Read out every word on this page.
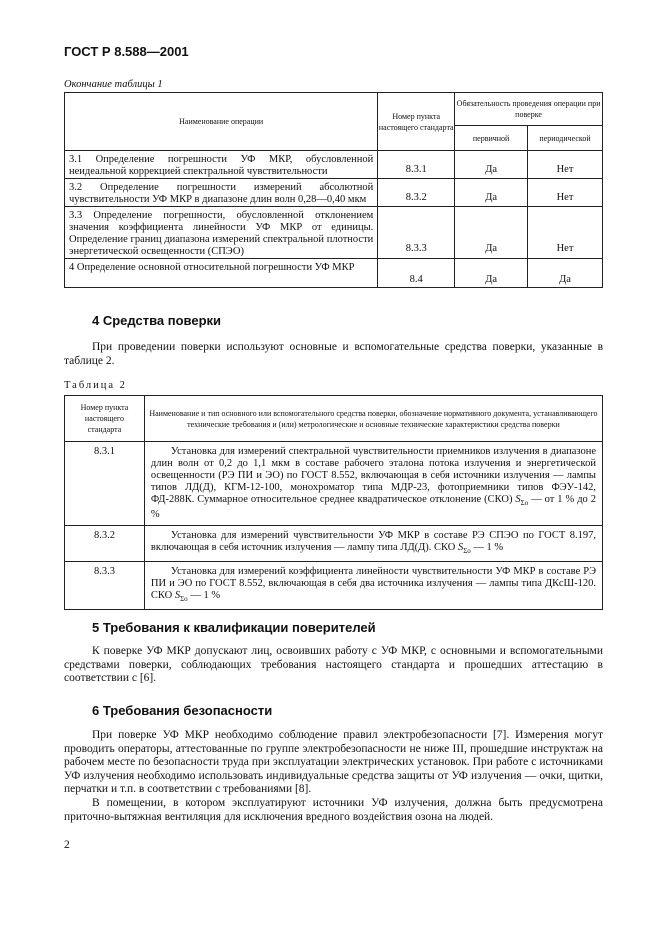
ГОСТ Р 8.588—2001
Окончание таблицы 1
Наименование операции	Номер пункта настоящего стандарта	Обязательность проведения операции при поверке	
		первичной	периодической
3.1 Определение погрешности УФ МКР, обусловленной неидеальной коррекцией спектральной чувствительности	8.3.1	Да	Нет
3.2 Определение погрешности измерений абсолютной чувствительности УФ МКР в диапазоне длин волн 0,28—0,40 мкм	8.3.2	Да	Нет
3.3 Определение погрешности, обусловленной отклонением значения коэффициента линейности УФ МКР от единицы. Определение границ диапазона измерений спектральной плотности энергетической освещенности (СПЭО)	8.3.3	Да	Нет
4 Определение основной относительной погрешности УФ МКР	8.4	Да	Да
4 Средства поверки

При проведении поверки используют основные и вспомогательные средства поверки, указанные в таблице 2.

Таблица 2
Номер пункта настоящего стандарта	Наименование и тип основного или вспомогательного средства поверки, обозначение нормативного документа, устанавливающего технические требования и (или) метрологические и основные технические характеристики средства поверки
8.3.1	Установка для измерений спектральной чувствительности приемников излучения в диапазоне длин волн от 0,2 до 1,1 мкм в составе рабочего эталона потока излучения и энергетической освещенности (РЭ ПИ и ЭО) по ГОСТ 8.552, включающая в себя источники излучения — лампы типов ЛД(Д), КГМ-12-100, монохроматор типа МДР-23, фотоприемники типов ФЭУ-142, ФД-288К. Суммарное относительное среднее квадратическое отклонение (СКО) $S_{\Sigma о}$ — от 1 % до 2 %
8.3.2	Установка для измерений чувствительности УФ МКР в составе РЭ СПЭО по ГОСТ 8.197, включающая в себя источник излучения — лампу типа ЛД(Д). СКО $S_{\Sigma о}$ — 1 %
8.3.3	Установка для измерений коэффициента линейности чувствительности УФ МКР в составе РЭ ПИ и ЭО по ГОСТ 8.552, включающая в себя два источника излучения — лампы типа ДКсШ-120. СКО $S_{\Sigma о}$ — 1 %
5 Требования к квалификации поверителей

К поверке УФ МКР допускают лиц, освоивших работу с УФ МКР, с основными и вспомогательными средствами поверки, соблюдающих требования настоящего стандарта и прошедших аттестацию в соответствии с [6].

6 Требования безопасности

При поверке УФ МКР необходимо соблюдение правил электробезопасности [7]. Измерения могут проводить операторы, аттестованные по группе электробезопасности не ниже III, прошедшие инструктаж на рабочем месте по безопасности труда при эксплуатации электрических установок. При работе с источниками УФ излучения необходимо использовать индивидуальные средства защиты от УФ излучения — очки, щитки, перчатки и т.п. в соответствии с требованиями [8].

В помещении, в котором эксплуатируют источники УФ излучения, должна быть предусмотрена приточно-вытяжная вентиляция для исключения вредного воздействия озона на людей.

2
